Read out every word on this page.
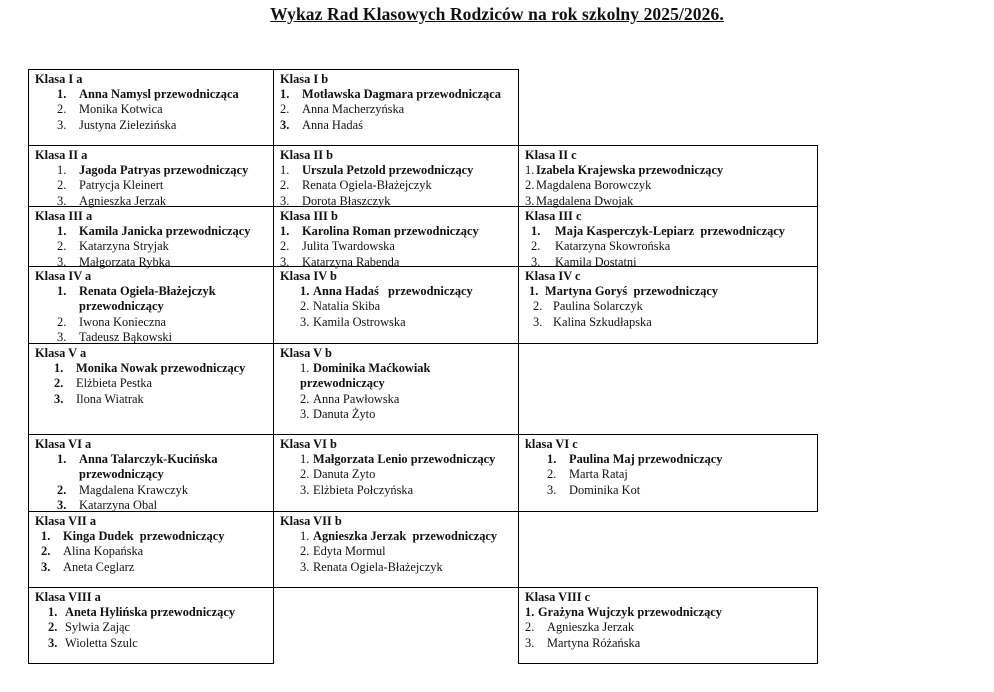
Wykaz Rad Klasowych Rodziców na rok szkolny 2025/2026.
Klasa I a
1.	Anna Namysl przewodnicząca
2.	Monika Kotwica
3.	Justyna Zielezińska
Klasa I b
1.	Motławska Dagmara przewodnicząca
2.	Anna Macherzyńska
3.	Anna Hadaś
Klasa II a
1.	Jagoda Patryas przewodniczący
2.	Patrycja Kleinert
3.	Agnieszka Jerzak
Klasa II b
1.	Urszula Petzold przewodniczący
2.	Renata Ogiela-Błażejczyk
3.	Dorota Błaszczyk
Klasa II c
1. Izabela Krajewska przewodniczący
2. Magdalena Borowczyk
3. Magdalena Dwojak
Klasa III a
1.	Kamila Janicka przewodniczący
2.	Katarzyna Stryjak
3.	Małgorzata Rybka
Klasa III b
1.	Karolina Roman przewodniczący
2.	Julita Twardowska
3.	Katarzyna Rabenda
Klasa III c
1.	Maja Kasperczyk-Lepiarz  przewodniczący
2.	Katarzyna Skowrońska
3.	Kamila Dostatni
Klasa IV a
1.	Renata Ogiela-Błażejczyk przewodniczący
2.	Iwona Konieczna
3.	Tadeusz Bąkowski
Klasa IV b
1. Anna Hadaś   przewodniczący
2. Natalia Skiba
3. Kamila Ostrowska
Klasa IV c
1. Martyna Goryś  przewodniczący
2. Paulina Solarczyk
3. Kalina Szkudłapska
Klasa V a
1.	Monika Nowak przewodniczący
2.	Elżbieta Pestka
3.	Ilona Wiatrak
Klasa V b
1. Dominika Maćkowiak
przewodniczący
2. Anna Pawłowska
3. Danuta Żyto
Klasa VI a
1.	Anna Talarczyk-Kucińska przewodniczący
2.	Magdalena Krawczyk
3.	Katarzyna Obal
Klasa VI b
1. Małgorzata Lenio przewodniczący
2. Danuta Zyto
3. Elżbieta Połczyńska
klasa VI c
1.	Paulina Maj przewodniczący
2.	Marta Rataj
3.	Dominika Kot
Klasa VII a
1.	Kinga Dudek  przewodniczący
2.	Alina Kopańska
3.	Aneta Ceglarz
Klasa VII b
1. Agnieszka Jerzak  przewodniczący
2. Edyta Mormul
3. Renata Ogiela-Błażejczyk
Klasa VIII a
1. Aneta Hylińska przewodniczący
2. Sylwia Zając
3. Wioletta Szulc
Klasa VIII c
1. Grażyna Wujczyk przewodniczący
2.	Agnieszka Jerzak
3.	Martyna Różańska
